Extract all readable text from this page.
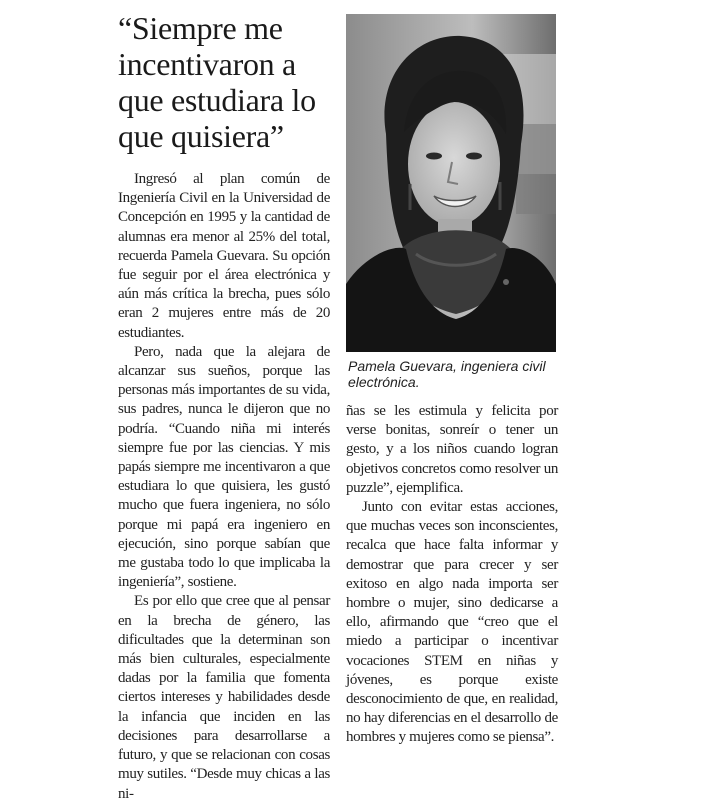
“Siempre me incentivaron a que estudiara lo que quisiera”

Ingresó al plan común de Ingeniería Civil en la Universidad de Concepción en 1995 y la cantidad de alumnas era menor al 25% del total, recuerda Pamela Guevara. Su opción fue seguir por el área electrónica y aún más crítica la brecha, pues sólo eran 2 mujeres entre más de 20 estudiantes.

Pero, nada que la alejara de alcanzar sus sueños, porque las personas más importantes de su vida, sus padres, nunca le dijeron que no podría. “Cuando niña mi interés siempre fue por las ciencias. Y mis papás siempre me incentivaron a que estudiara lo que quisiera, les gustó mucho que fuera ingeniera, no sólo porque mi papá era ingeniero en ejecución, sino porque sabían que me gustaba todo lo que implicaba la ingeniería”, sostiene.

Es por ello que cree que al pensar en la brecha de género, las dificultades que la determinan son más bien culturales, especialmente dadas por la familia que fomenta ciertos intereses y habilidades desde la infancia que inciden en las decisiones para desarrollarse a futuro, y que se relacionan con cosas muy sutiles. “Desde muy chicas a las ni-

Pamela Guevara, ingeniera civil electrónica.

ñas se les estimula y felicita por verse bonitas, sonreír o tener un gesto, y a los niños cuando logran objetivos concretos como resolver un puzzle”, ejemplifica.

Junto con evitar estas acciones, que muchas veces son inconscientes, recalca que hace falta informar y demostrar que para crecer y ser exitoso en algo nada importa ser hombre o mujer, sino dedicarse a ello, afirmando que “creo que el miedo a participar o incentivar vocaciones STEM en niñas y jóvenes, es porque existe desconocimiento de que, en realidad, no hay diferencias en el desarrollo de hombres y mujeres como se piensa”.
